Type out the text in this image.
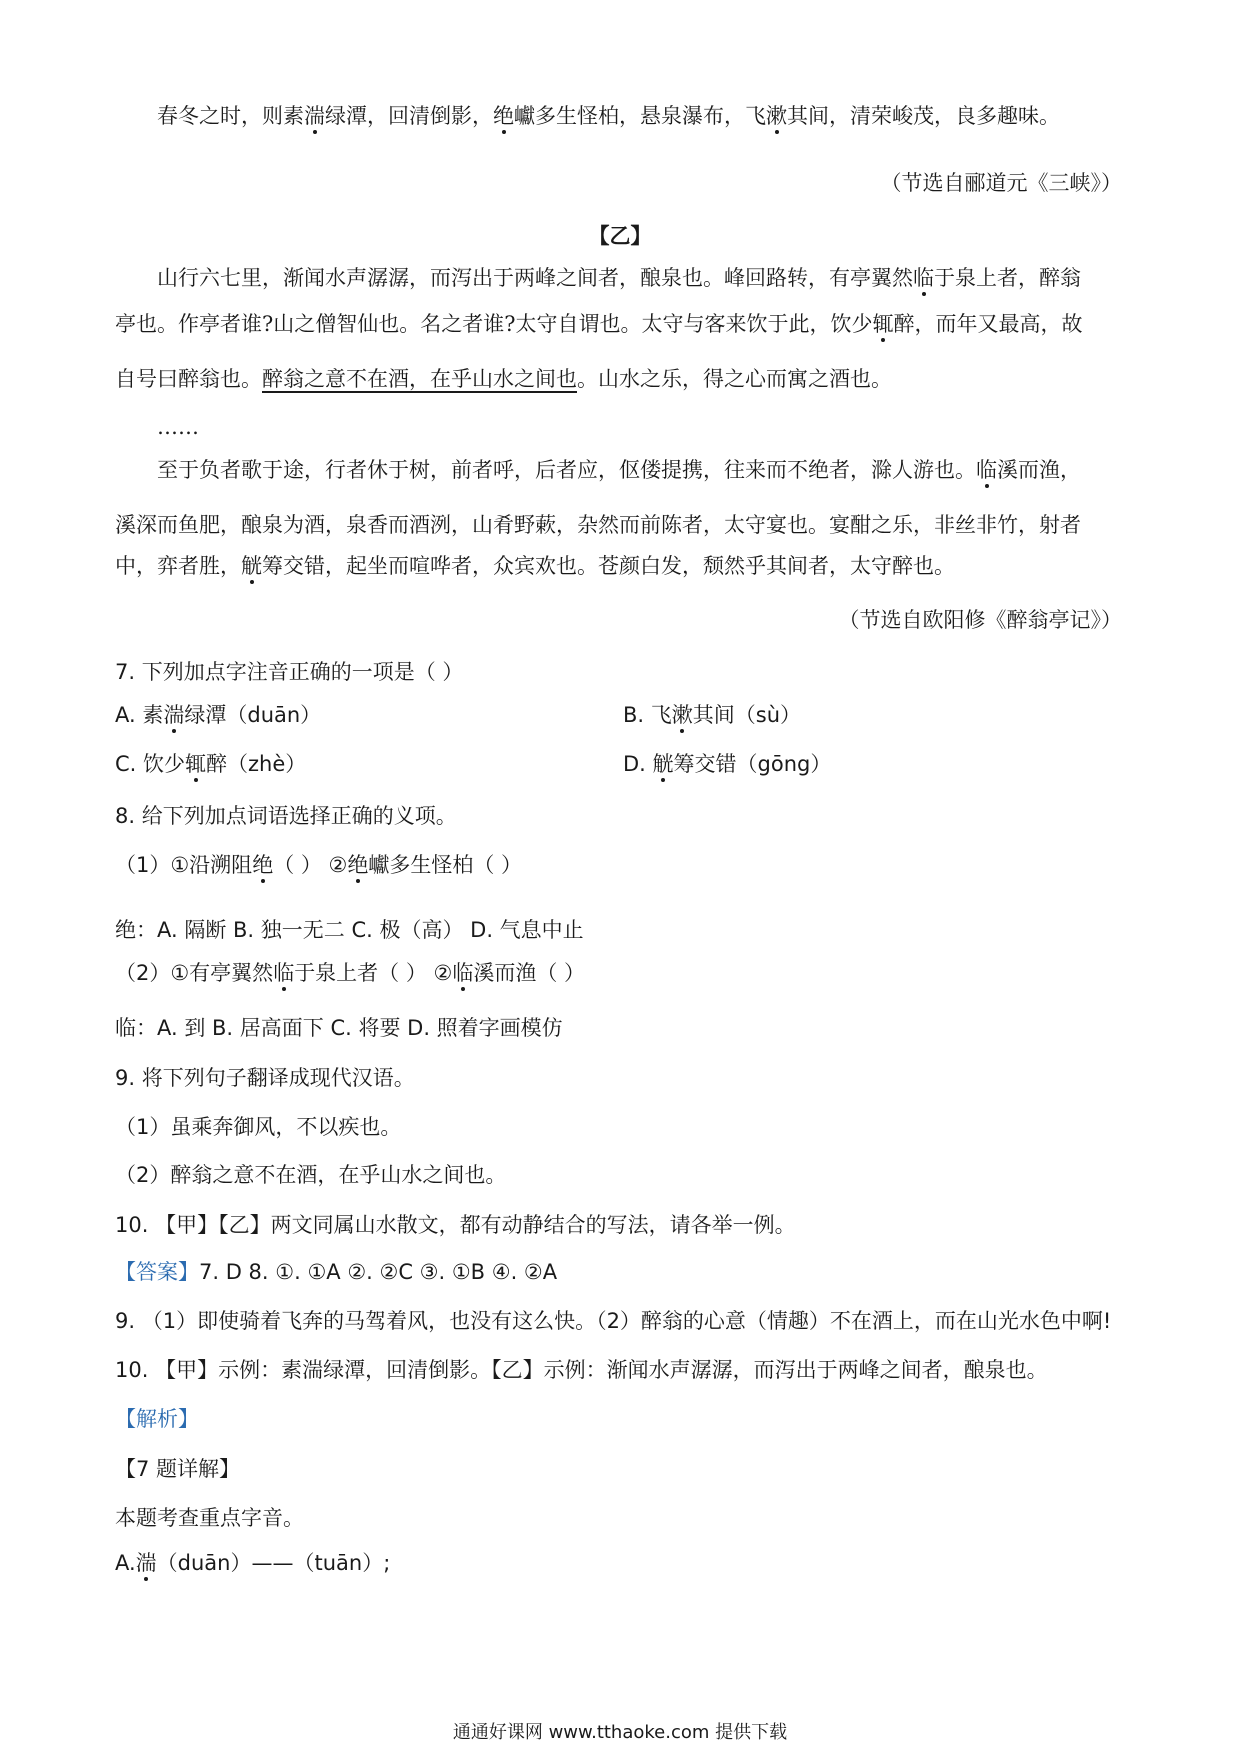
春冬之时，则素湍绿潭，回清倒影，绝巘多生怪柏，悬泉瀑布，飞漱其间，清荣峻茂，良多趣味。
（节选自郦道元《三峡》）
【乙】
山行六七里，渐闻水声潺潺，而泻出于两峰之间者，酿泉也。峰回路转，有亭翼然临于泉上者，醉翁
亭也。作亭者谁?山之僧智仙也。名之者谁?太守自谓也。太守与客来饮于此，饮少辄醉，而年又最高，故
自号曰醉翁也。醉翁之意不在酒，在乎山水之间也。山水之乐，得之心而寓之酒也。
……
至于负者歌于途，行者休于树，前者呼，后者应，伛偻提携，往来而不绝者，滁人游也。临溪而渔，
溪深而鱼肥，酿泉为酒，泉香而酒洌，山肴野蔌，杂然而前陈者，太守宴也。宴酣之乐，非丝非竹，射者
中，弈者胜，觥筹交错，起坐而喧哗者，众宾欢也。苍颜白发，颓然乎其间者，太守醉也。
（节选自欧阳修《醉翁亭记》）
7. 下列加点字注音正确的一项是（ ）
A. 素湍绿潭（duān）	B. 飞漱其间（sù）
C. 饮少辄醉（zhè）	D. 觥筹交错（gōng）
8. 给下列加点词语选择正确的义项。
（1）①沿溯阻绝（ ） ②绝巘多生怪柏（ ）
绝：A. 隔断 B. 独一无二 C. 极（高） D. 气息中止
（2）①有亭翼然临于泉上者（ ） ②临溪而渔（ ）
临：A. 到 B. 居高面下 C. 将要 D. 照着字画模仿
9. 将下列句子翻译成现代汉语。
（1）虽乘奔御风，不以疾也。
（2）醉翁之意不在酒，在乎山水之间也。
10. 【甲】【乙】两文同属山水散文，都有动静结合的写法，请各举一例。
【答案】7. D 8. ①. ①A ②. ②C ③. ①B ④. ②A
9. （1）即使骑着飞奔的马驾着风，也没有这么快。（2）醉翁的心意（情趣）不在酒上，而在山光水色中啊!
10. 【甲】示例：素湍绿潭，回清倒影。【乙】示例：渐闻水声潺潺，而泻出于两峰之间者，酿泉也。
【解析】
【7 题详解】
本题考查重点字音。
A.湍（duān）——（tuān）;
通通好课网 www.tthaoke.com 提供下载
